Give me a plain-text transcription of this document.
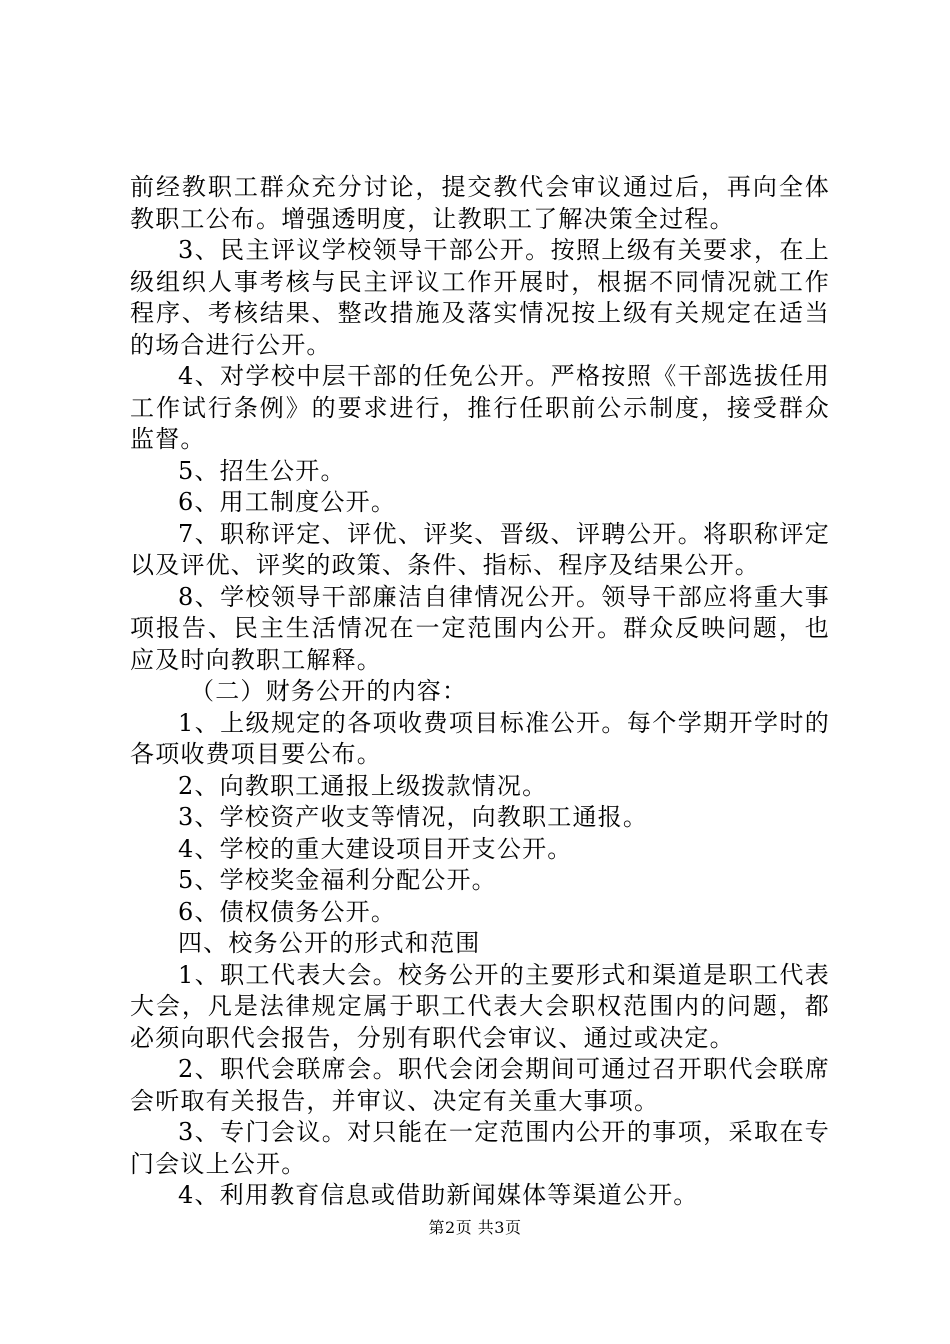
前经教职工群众充分讨论，提交教代会审议通过后，再向全体教职工公布。增强透明度，让教职工了解决策全过程。

3、民主评议学校领导干部公开。按照上级有关要求，在上级组织人事考核与民主评议工作开展时，根据不同情况就工作程序、考核结果、整改措施及落实情况按上级有关规定在适当的场合进行公开。

4、对学校中层干部的任免公开。严格按照《干部选拔任用工作试行条例》的要求进行，推行任职前公示制度，接受群众监督。

5、招生公开。

6、用工制度公开。

7、职称评定、评优、评奖、晋级、评聘公开。将职称评定以及评优、评奖的政策、条件、指标、程序及结果公开。

8、学校领导干部廉洁自律情况公开。领导干部应将重大事项报告、民主生活情况在一定范围内公开。群众反映问题，也应及时向教职工解释。

（二）财务公开的内容：

1、上级规定的各项收费项目标准公开。每个学期开学时的各项收费项目要公布。

2、向教职工通报上级拨款情况。

3、学校资产收支等情况，向教职工通报。

4、学校的重大建设项目开支公开。

5、学校奖金福利分配公开。

6、债权债务公开。

四、校务公开的形式和范围

1、职工代表大会。校务公开的主要形式和渠道是职工代表大会，凡是法律规定属于职工代表大会职权范围内的问题，都必须向职代会报告，分别有职代会审议、通过或决定。

2、职代会联席会。职代会闭会期间可通过召开职代会联席会听取有关报告，并审议、决定有关重大事项。

3、专门会议。对只能在一定范围内公开的事项，采取在专门会议上公开。

4、利用教育信息或借助新闻媒体等渠道公开。

第2页 共3页
